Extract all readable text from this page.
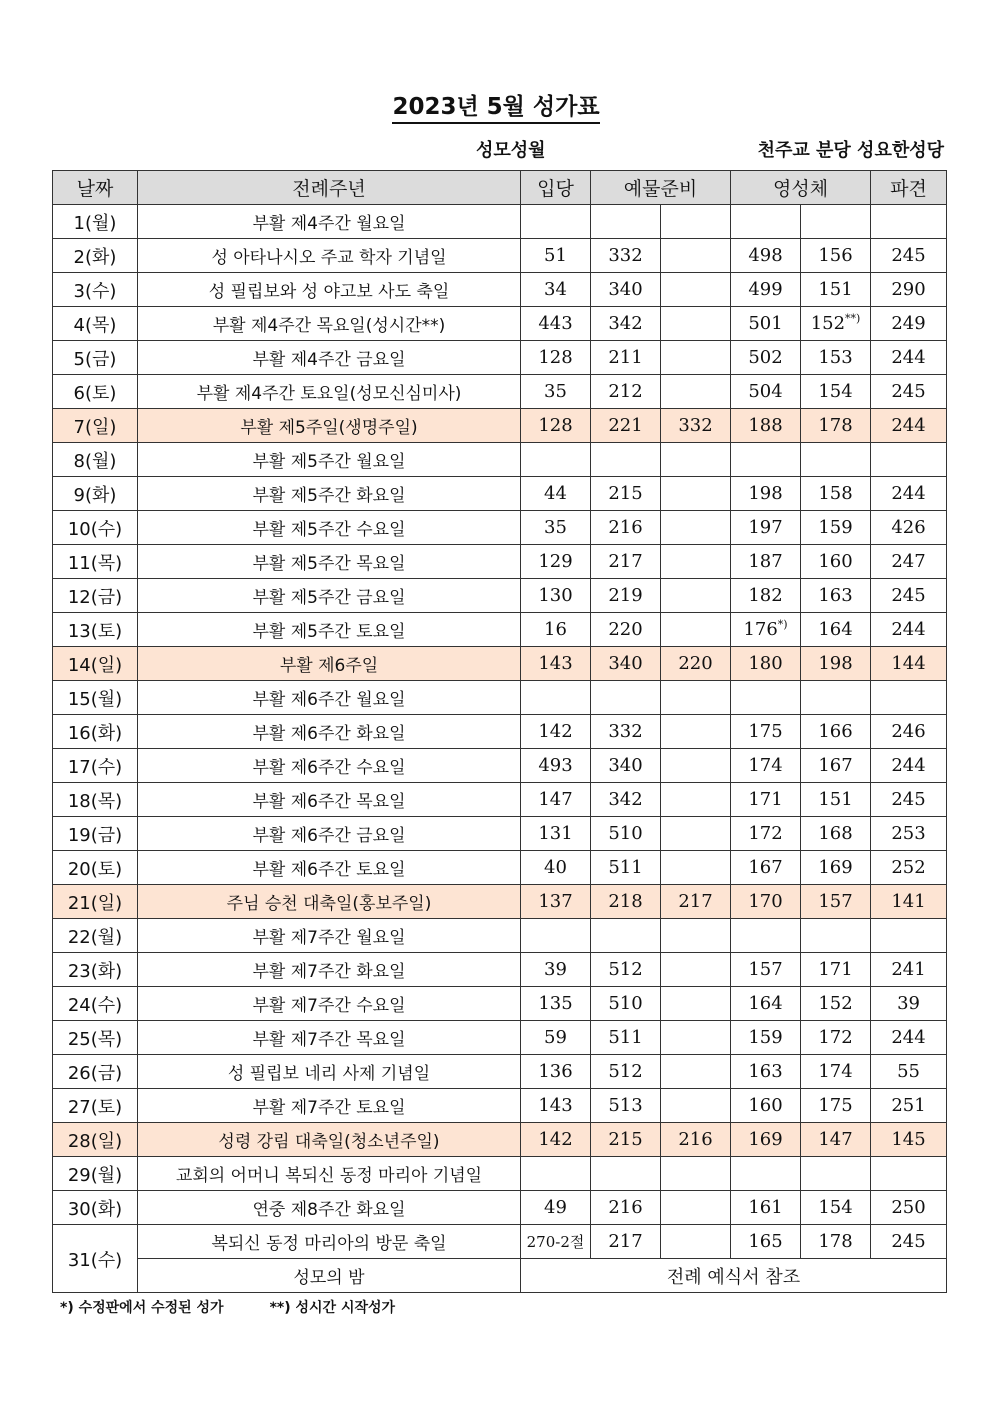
2023년 5월 성가표
성모성월	천주교 분당 성요한성당
날짜	전례주년	입당	예물준비		영성체		파견
1(월)	부활 제4주간 월요일						
2(화)	성 아타나시오 주교 학자 기념일	51	332		498	156	245
3(수)	성 필립보와 성 야고보 사도 축일	34	340		499	151	290
4(목)	부활 제4주간 목요일(성시간**)	443	342		501	152**)	249
5(금)	부활 제4주간 금요일	128	211		502	153	244
6(토)	부활 제4주간 토요일(성모신심미사)	35	212		504	154	245
7(일)	부활 제5주일(생명주일)	128	221	332	188	178	244
8(월)	부활 제5주간 월요일						
9(화)	부활 제5주간 화요일	44	215		198	158	244
10(수)	부활 제5주간 수요일	35	216		197	159	426
11(목)	부활 제5주간 목요일	129	217		187	160	247
12(금)	부활 제5주간 금요일	130	219		182	163	245
13(토)	부활 제5주간 토요일	16	220		176*)	164	244
14(일)	부활 제6주일	143	340	220	180	198	144
15(월)	부활 제6주간 월요일						
16(화)	부활 제6주간 화요일	142	332		175	166	246
17(수)	부활 제6주간 수요일	493	340		174	167	244
18(목)	부활 제6주간 목요일	147	342		171	151	245
19(금)	부활 제6주간 금요일	131	510		172	168	253
20(토)	부활 제6주간 토요일	40	511		167	169	252
21(일)	주님 승천 대축일(홍보주일)	137	218	217	170	157	141
22(월)	부활 제7주간 월요일						
23(화)	부활 제7주간 화요일	39	512		157	171	241
24(수)	부활 제7주간 수요일	135	510		164	152	39
25(목)	부활 제7주간 목요일	59	511		159	172	244
26(금)	성 필립보 네리 사제 기념일	136	512		163	174	55
27(토)	부활 제7주간 토요일	143	513		160	175	251
28(일)	성령 강림 대축일(청소년주일)	142	215	216	169	147	145
29(월)	교회의 어머니 복되신 동정 마리아 기념일						
30(화)	연중 제8주간 화요일	49	216		161	154	250
31(수)	복되신 동정 마리아의 방문 축일	270-2절	217		165	178	245
	성모의 밤	전례 예식서 참조					
*) 수정판에서 수정된 성가	**) 성시간 시작성가
